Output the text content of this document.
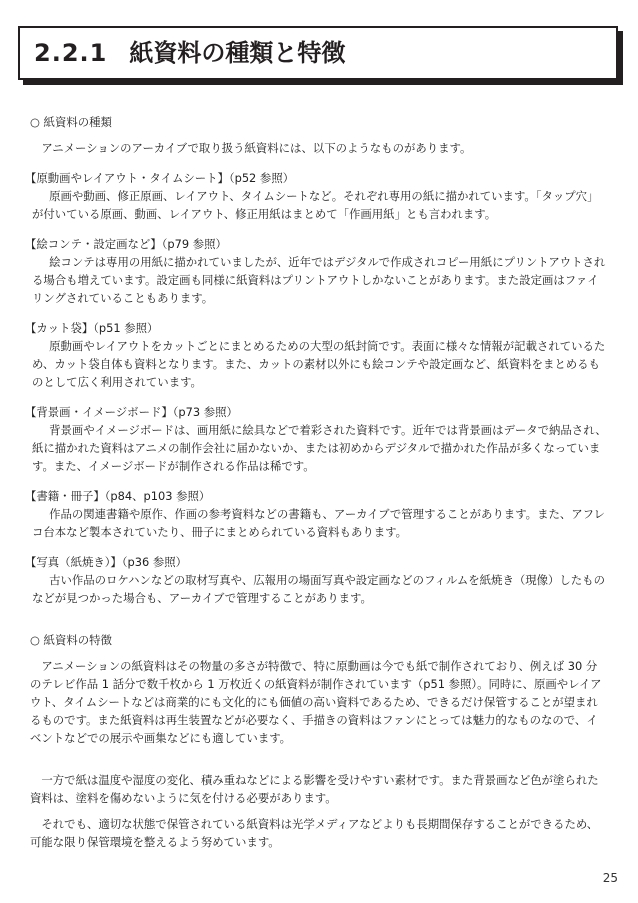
2.2.1 紙資料の種類と特徴

○ 紙資料の種類

アニメーションのアーカイブで取り扱う紙資料には、以下のようなものがあります。

【原動画やレイアウト・タイムシート】（p52 参照）

原画や動画、修正原画、レイアウト、タイムシートなど。それぞれ専用の紙に描かれています。「タップ穴」が付いている原画、動画、レイアウト、修正用紙はまとめて「作画用紙」とも言われます。

【絵コンテ・設定画など】（p79 参照）

絵コンテは専用の用紙に描かれていましたが、近年ではデジタルで作成されコピー用紙にプリントアウトされる場合も増えています。設定画も同様に紙資料はプリントアウトしかないことがあります。また設定画はファイリングされていることもあります。

【カット袋】（p51 参照）

原動画やレイアウトをカットごとにまとめるための大型の紙封筒です。表面に様々な情報が記載されているため、カット袋自体も資料となります。また、カットの素材以外にも絵コンテや設定画など、紙資料をまとめるものとして広く利用されています。

【背景画・イメージボード】（p73 参照）

背景画やイメージボードは、画用紙に絵具などで着彩された資料です。近年では背景画はデータで納品され、紙に描かれた資料はアニメの制作会社に届かないか、または初めからデジタルで描かれた作品が多くなっています。また、イメージボードが制作される作品は稀です。

【書籍・冊子】（p84、p103 参照）

作品の関連書籍や原作、作画の参考資料などの書籍も、アーカイブで管理することがあります。また、アフレコ台本など製本されていたり、冊子にまとめられている資料もあります。

【写真（紙焼き）】（p36 参照）

古い作品のロケハンなどの取材写真や、広報用の場面写真や設定画などのフィルムを紙焼き（現像）したものなどが見つかった場合も、アーカイブで管理することがあります。

○ 紙資料の特徴

アニメーションの紙資料はその物量の多さが特徴で、特に原動画は今でも紙で制作されており、例えば 30 分のテレビ作品 1 話分で数千枚から 1 万枚近くの紙資料が制作されています（p51 参照）。同時に、原画やレイアウト、タイムシートなどは商業的にも文化的にも価値の高い資料であるため、できるだけ保管することが望まれるものです。また紙資料は再生装置などが必要なく、手描きの資料はファンにとっては魅力的なものなので、イベントなどでの展示や画集などにも適しています。

一方で紙は温度や湿度の変化、積み重ねなどによる影響を受けやすい素材です。また背景画など色が塗られた資料は、塗料を傷めないように気を付ける必要があります。

それでも、適切な状態で保管されている紙資料は光学メディアなどよりも長期間保存することができるため、可能な限り保管環境を整えるよう努めています。

25
